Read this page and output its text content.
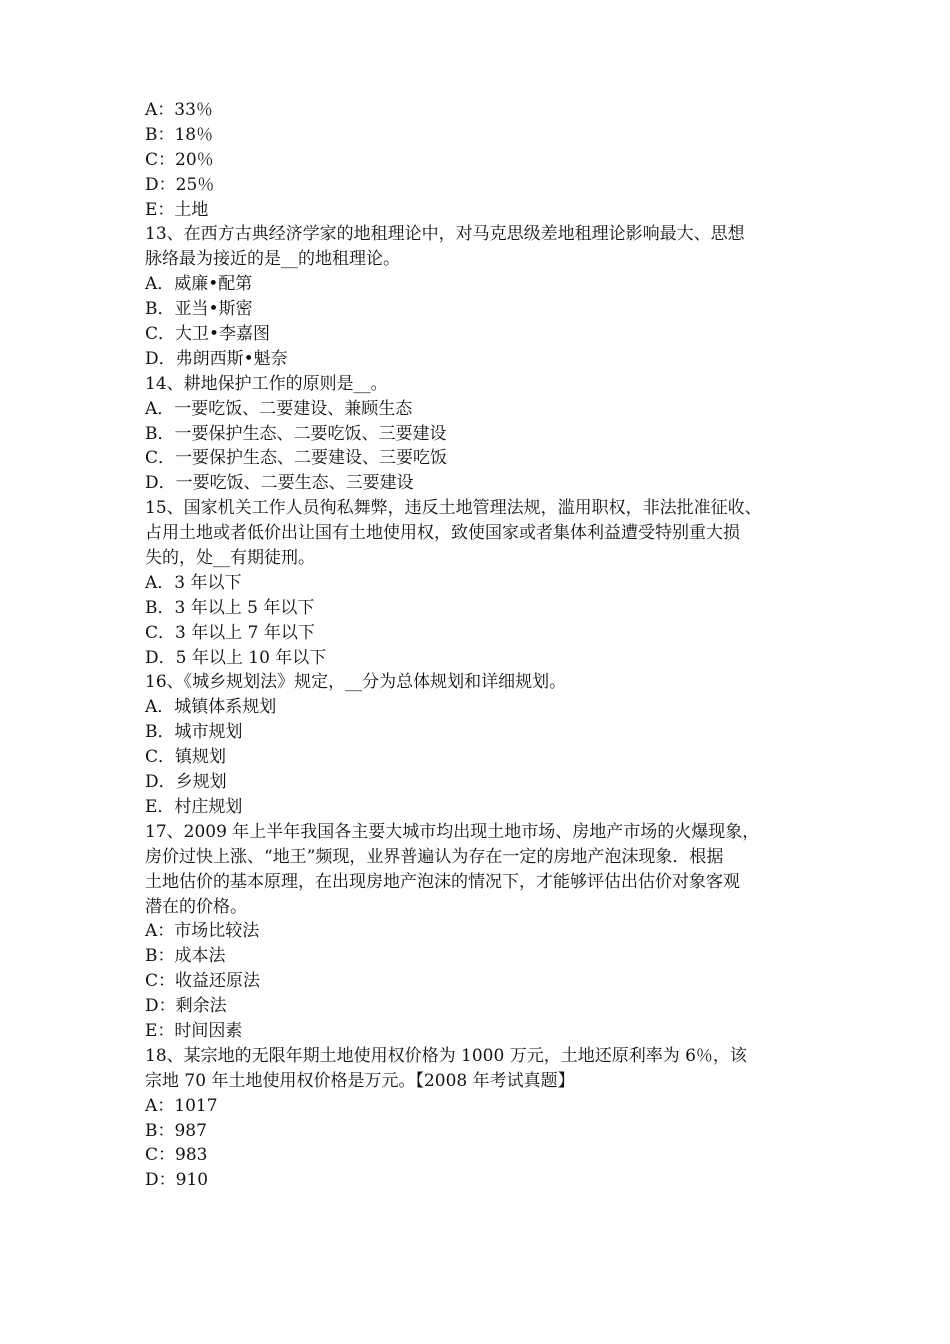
A：33％
B：18％
C：20％
D：25％
E：土地
13、在西方古典经济学家的地租理论中，对马克思级差地租理论影响最大、思想
脉络最为接近的是__的地租理论。
A．威廉•配第
B．亚当•斯密
C．大卫•李嘉图
D．弗朗西斯•魁奈
14、耕地保护工作的原则是__。
A．一要吃饭、二要建设、兼顾生态
B．一要保护生态、二要吃饭、三要建设
C．一要保护生态、二要建设、三要吃饭
D．一要吃饭、二要生态、三要建设
15、国家机关工作人员徇私舞弊，违反土地管理法规，滥用职权，非法批准征收、
占用土地或者低价出让国有土地使用权，致使国家或者集体利益遭受特别重大损
失的，处__有期徒刑。
A．3 年以下
B．3 年以上 5 年以下
C．3 年以上 7 年以下
D．5 年以上 10 年以下
16、《城乡规划法》规定，__分为总体规划和详细规划。
A．城镇体系规划
B．城市规划
C．镇规划
D．乡规划
E．村庄规划
17、2009 年上半年我国各主要大城市均出现土地市场、房地产市场的火爆现象，
房价过快上涨、“地王”频现，业界普遍认为存在一定的房地产泡沫现象．根据
土地估价的基本原理，在出现房地产泡沫的情况下，才能够评估出估价对象客观
潜在的价格。
A：市场比较法
B：成本法
C：收益还原法
D：剩余法
E：时间因素
18、某宗地的无限年期土地使用权价格为 1000 万元，土地还原利率为 6％，该
宗地 70 年土地使用权价格是万元。【2008 年考试真题】
A：1017
B：987
C：983
D：910
